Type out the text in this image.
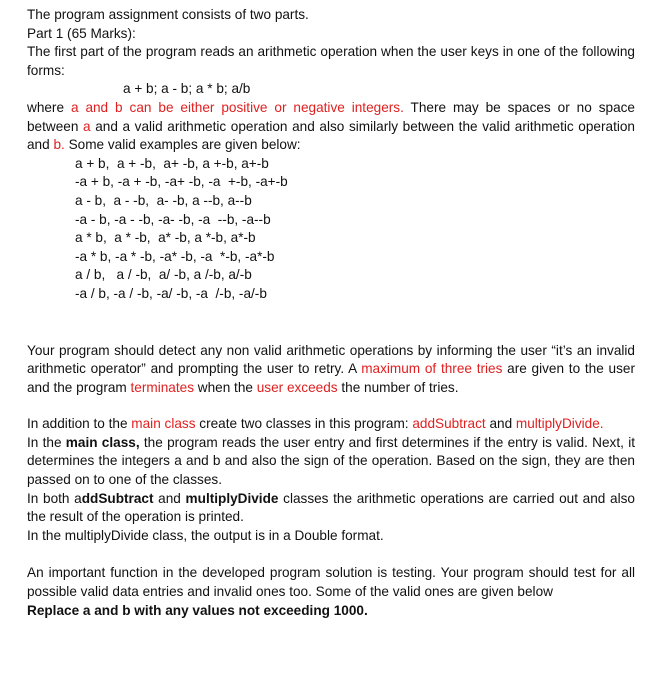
The program assignment consists of two parts.

Part 1 (65 Marks):

The first part of the program reads an arithmetic operation when the user keys in one of the following forms:

a + b; a - b; a * b; a/b

where a and b can be either positive or negative integers. There may be spaces or no space between a and a valid arithmetic operation and also similarly between the valid arithmetic operation and b. Some valid examples are given below:

a + b,  a + -b,  a+ -b, a +-b, a+-b
-a + b, -a + -b, -a+ -b, -a  +-b, -a+-b
a - b,  a - -b,  a- -b, a --b, a--b
-a - b, -a - -b, -a- -b, -a  --b, -a--b
a * b,  a * -b,  a* -b, a *-b, a*-b
-a * b, -a * -b, -a* -b, -a  *-b, -a*-b
a / b,   a / -b,  a/ -b, a /-b, a/-b
-a / b, -a / -b, -a/ -b, -a  /-b, -a/-b

Your program should detect any non valid arithmetic operations by informing the user “it’s an invalid arithmetic operator” and prompting the user to retry. A maximum of three tries are given to the user and the program terminates when the user exceeds the number of tries.

In addition to the main class create two classes in this program: addSubtract and multiplyDivide.

In the main class, the program reads the user entry and first determines if the entry is valid. Next, it determines the integers a and b and also the sign of the operation. Based on the sign, they are then passed on to one of the classes.

In both addSubtract and multiplyDivide classes the arithmetic operations are carried out and also the result of the operation is printed.

In the multiplyDivide class, the output is in a Double format.

An important function in the developed program solution is testing. Your program should test for all possible valid data entries and invalid ones too. Some of the valid ones are given below

Replace a and b with any values not exceeding 1000.
